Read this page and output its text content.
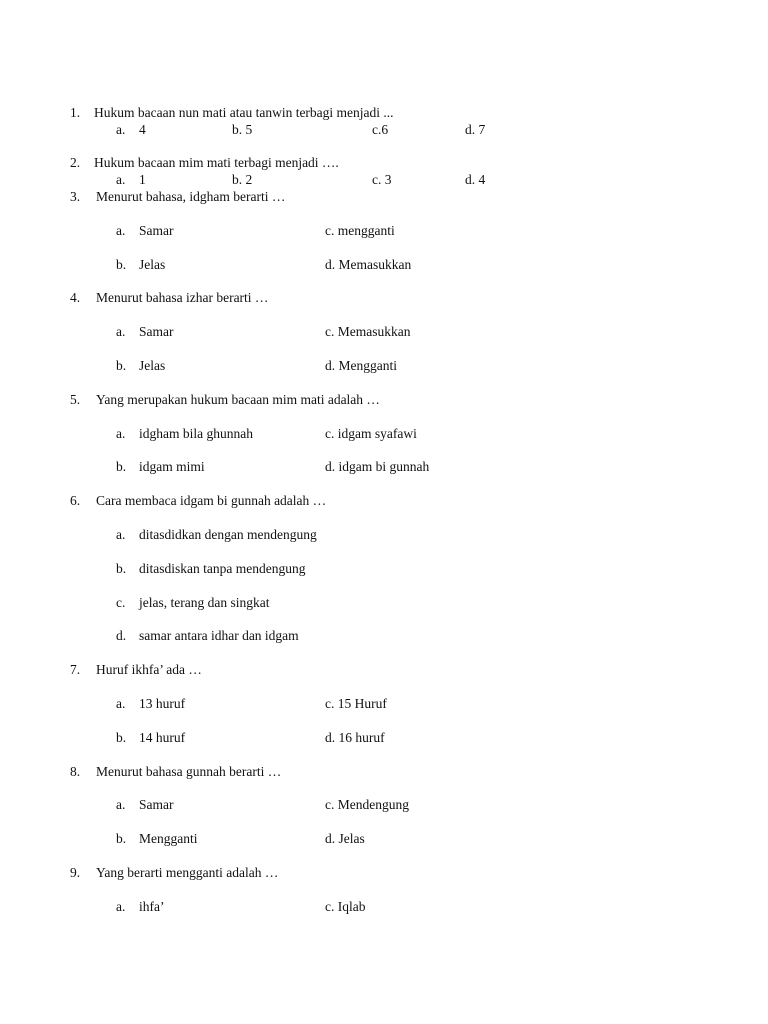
1. Hukum bacaan nun mati atau tanwin terbagi menjadi ...
a. 4	b. 5	c.6	d. 7
2. Hukum bacaan mim mati terbagi menjadi ….
a. 1	b. 2	c. 3	d. 4
3. Menurut bahasa, idgham berarti …
a. Samar	c. mengganti
b. Jelas	d. Memasukkan
4. Menurut bahasa izhar berarti …
a. Samar	c. Memasukkan
b. Jelas	d. Mengganti
5. Yang merupakan hukum bacaan mim mati adalah …
a. idgham bila ghunnah	c. idgam syafawi
b. idgam mimi	d. idgam bi gunnah
6. Cara membaca idgam bi gunnah adalah …
a. ditasdidkan dengan mendengung
b. ditasdiskan tanpa mendengung
c. jelas, terang dan singkat
d. samar antara idhar dan idgam
7. Huruf ikhfa’ ada …
a. 13 huruf	c. 15 Huruf
b. 14 huruf	d. 16 huruf
8. Menurut bahasa gunnah berarti …
a. Samar	c. Mendengung
b. Mengganti	d. Jelas
9. Yang berarti mengganti adalah …
a. ihfa’	c. Iqlab
